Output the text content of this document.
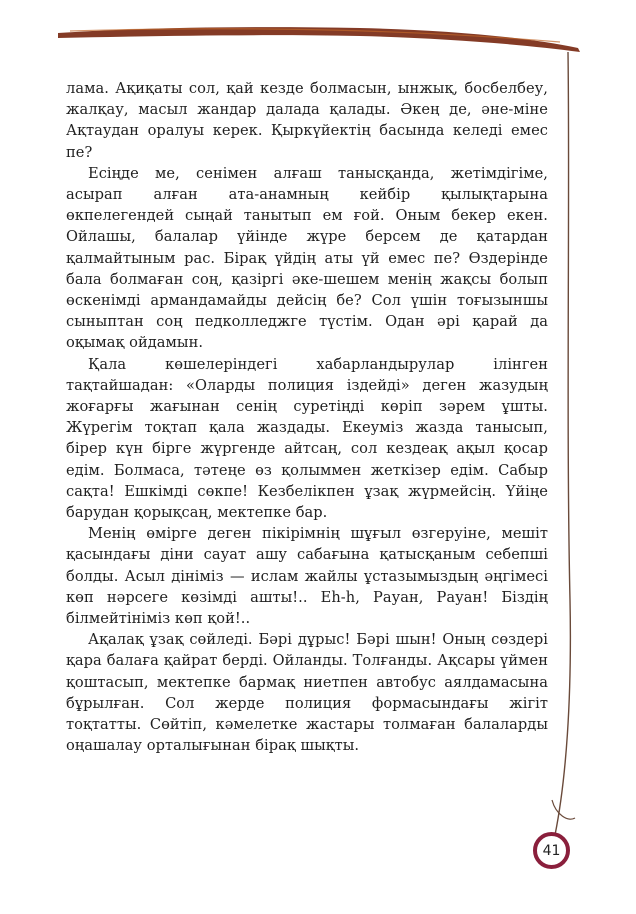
лама. Ақиқаты сол, қай кезде болмасын, ынжық, босбелбеу, жалқау, масыл жандар далада қалады. Әкең де, әне-міне Ақтаудан оралуы керек. Қыркүйектің басында келеді емес пе?

Есіңде ме, сенімен алғаш танысқанда, жетімдігіме, асырап алған ата-анамның кейбір қылықтарына өкпелегендей сыңай танытып ем ғой. Оным бекер екен. Ойлашы, балалар үйінде жүре берсем де қатардан қалмайтыным рас. Бірақ үйдің аты үй емес пе? Өздерінде бала болмаған соң, қазіргі әке-шешем менің жақсы болып өскенімді армандамайды дейсің бе? Сол үшін тоғызыншы сыныптан соң педколледжге түстім. Одан әрі қарай да оқымақ ойдамын.

Қала көшелеріндегі хабарландырулар ілінген тақтайшадан: «Оларды полиция іздейді» деген жазудың жоғарғы жағынан сенің суретіңді көріп зәрем ұшты. Жүрегім тоқтап қала жаздады. Екеуміз жазда танысып, бірер күн бірге жүргенде айтсаң, сол кездеақ ақыл қосар едім. Болмаса, тәтеңе өз қолыммен жеткізер едім. Сабыр сақта! Ешкімді сөкпе! Кезбелікпен ұзақ жүрмейсің. Үйіңе барудан қорықсаң, мектепке бар.

Менің өмірге деген пікірімнің шұғыл өзгеруіне, мешіт қасындағы діни сауат ашу сабағына қатысқаным себепші болды. Асыл дініміз — ислам жайлы ұстазымыздың әңгімесі көп нәрсеге көзімді ашты!.. Еһ-һ, Рауан, Рауан! Біздің білмейтініміз көп қой!..

Ақалақ ұзақ сөйледі. Бәрі дұрыс! Бәрі шын! Оның сөздері қара балаға қайрат берді. Ойланды. Толғанды. Ақсары үймен қоштасып, мектепке бармақ ниетпен автобус аялдамасына бұрылған. Сол жерде полиция формасындағы жігіт тоқтатты. Сөйтіп, кәмелетке жастары толмаған балаларды оңашалау орталығынан бірақ шықты.

41
